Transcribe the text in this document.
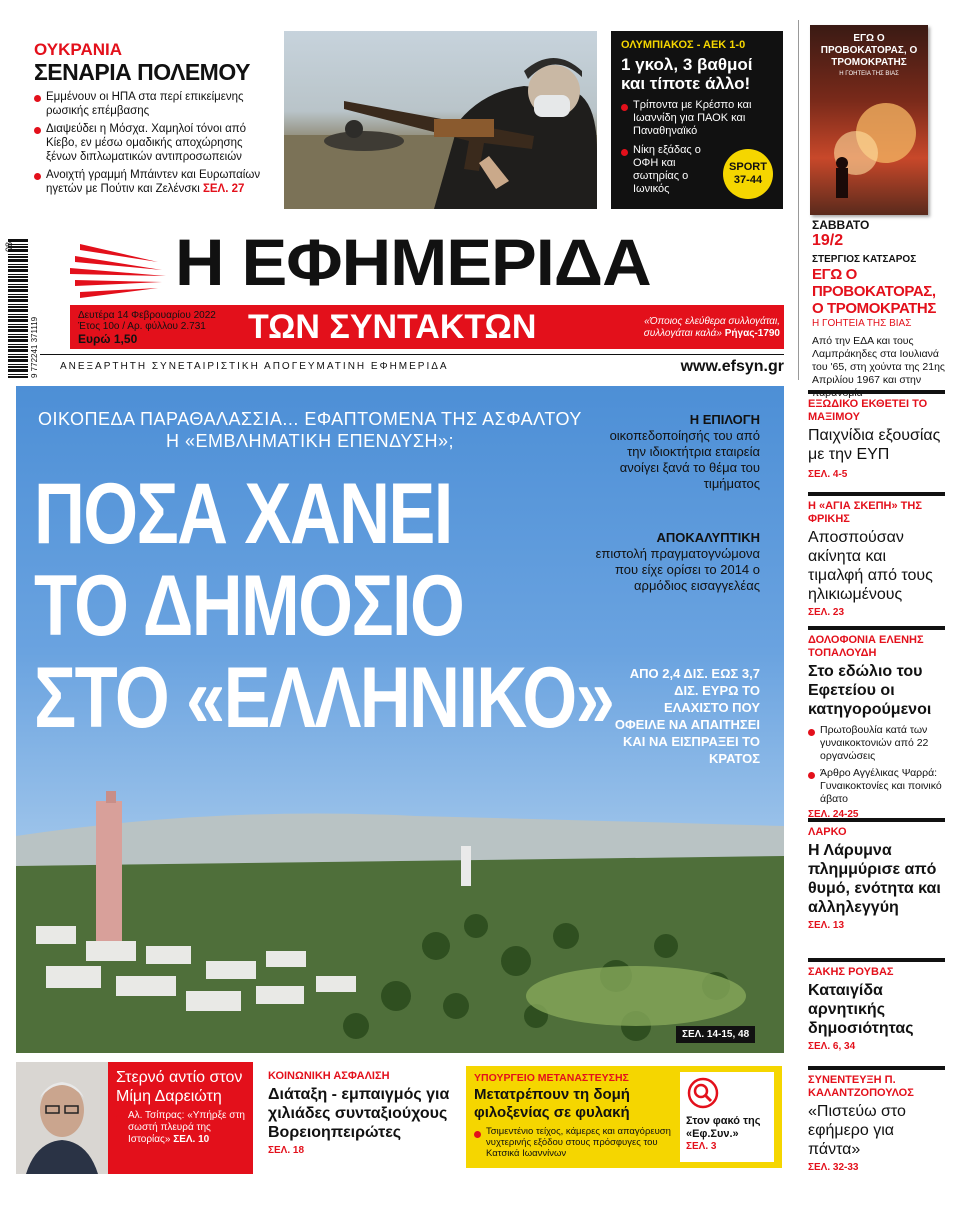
ΟΥΚΡΑΝΙΑ
ΣΕΝΑΡΙΑ ΠΟΛΕΜΟΥ
Εμμένουν οι ΗΠΑ στα περί επικείμενης ρωσικής επέμβασης
Διαψεύδει η Μόσχα. Χαμηλοί τόνοι από Κίεβο, εν μέσω ομαδικής αποχώρησης ξένων διπλωματικών αντιπροσωπειών
Ανοιχτή γραμμή Μπάιντεν και Ευρωπαίων ηγετών με Πούτιν και Ζελένσκι ΣΕΛ. 27
ΟΛΥΜΠΙΑΚΟΣ - ΑΕΚ 1-0
1 γκολ, 3 βαθμοί και τίποτε άλλο!
Τρίποντα με Κρέσπο και Ιωαννίδη για ΠΑΟΚ και Παναθηναϊκό
Νίκη εξάδας ο ΟΦΗ και σωτηρίας ο Ιωνικός
SPORT
37-44
ΕΓΩ Ο ΠΡΟΒΟΚΑΤΟΡΑΣ, Ο ΤΡΟΜΟΚΡΑΤΗΣ
Η ΓΟΗΤΕΙΑ ΤΗΣ ΒΙΑΣ
ΣΑΒΒΑΤΟ
19/2
ΣΤΕΡΓΙΟΣ ΚΑΤΣΑΡΟΣ
ΕΓΩ Ο ΠΡΟΒΟΚΑΤΟΡΑΣ, Ο ΤΡΟΜΟΚΡΑΤΗΣ
Η ΓΟΗΤΕΙΑ ΤΗΣ ΒΙΑΣ
Από την ΕΔΑ και τους Λαμπράκηδες στα Ιουλιανά του '65, στη χούντα της 21ης Απριλίου 1967 και στην παρανομία
08
9 772241 371119
Η ΕΦΗΜΕΡΙΔΑ
Δευτέρα 14 Φεβρουαρίου 2022
Έτος 10ο / Αρ. φύλλου 2.731
Ευρώ 1,50	ΤΩΝ ΣΥΝΤΑΚΤΩΝ	«Όποιος ελεύθερα συλλογάται, συλλογάται καλά» Ρήγας-1790
ΑΝΕΞΑΡΤΗΤΗ ΣΥΝΕΤΑΙΡΙΣΤΙΚΗ ΑΠΟΓΕΥΜΑΤΙΝΗ ΕΦΗΜΕΡΙΔΑ	www.efsyn.gr
ΟΙΚΟΠΕΔΑ ΠΑΡΑΘΑΛΑΣΣΙΑ... ΕΦΑΠΤΟΜΕΝΑ ΤΗΣ ΑΣΦΑΛΤΟΥ Η «ΕΜΒΛΗΜΑΤΙΚΗ ΕΠΕΝΔΥΣΗ»;
ΠΟΣΑ ΧΑΝΕΙ
ΤΟ ΔΗΜΟΣΙΟ
ΣΤΟ «ΕΛΛΗΝΙΚΟ»
Η ΕΠΙΛΟΓΗ
οικοπεδοποίησής του από την ιδιοκτήτρια εταιρεία ανοίγει ξανά το θέμα του τιμήματος
ΑΠΟΚΑΛΥΠΤΙΚΗ
επιστολή πραγματογνώμονα που είχε ορίσει το 2014 ο αρμόδιος εισαγγελέας
ΑΠΟ 2,4 ΔΙΣ. ΕΩΣ 3,7 ΔΙΣ. ΕΥΡΩ ΤΟ ΕΛΑΧΙΣΤΟ ΠΟΥ ΟΦΕΙΛΕ ΝΑ ΑΠΑΙΤΗΣΕΙ ΚΑΙ ΝΑ ΕΙΣΠΡΑΞΕΙ ΤΟ ΚΡΑΤΟΣ
ΣΕΛ. 14-15, 48
ΕΞΩΔΙΚΟ ΕΚΘΕΤΕΙ ΤΟ ΜΑΞΙΜΟΥ
Παιχνίδια εξουσίας με την ΕΥΠ
ΣΕΛ. 4-5
Η «ΑΓΙΑ ΣΚΕΠΗ» ΤΗΣ ΦΡΙΚΗΣ
Αποσπούσαν ακίνητα και τιμαλφή από τους ηλικιωμένους
ΣΕΛ. 23
ΔΟΛΟΦΟΝΙΑ ΕΛΕΝΗΣ ΤΟΠΑΛΟΥΔΗ
Στο εδώλιο του Εφετείου οι κατηγορούμενοι
Πρωτοβουλία κατά των γυναικοκτονιών από 22 οργανώσεις
Άρθρο Αγγέλικας Ψαρρά: Γυναικοκτονίες και ποινικό άβατο
ΣΕΛ. 24-25
ΛΑΡΚΟ
Η Λάρυμνα πλημμύρισε από θυμό, ενότητα και αλληλεγγύη
ΣΕΛ. 13
ΣΑΚΗΣ ΡΟΥΒΑΣ
Καταιγίδα αρνητικής δημοσιότητας
ΣΕΛ. 6, 34
ΣΥΝΕΝΤΕΥΞΗ Π. ΚΑΛΑΝΤΖΟΠΟΥΛΟΣ
«Πιστεύω στο εφήμερο για πάντα»
ΣΕΛ. 32-33
Στερνό αντίο στον Μίμη Δαρειώτη
Αλ. Τσίπρας: «Υπήρξε στη σωστή πλευρά της Ιστορίας» ΣΕΛ. 10
ΚΟΙΝΩΝΙΚΗ ΑΣΦΑΛΙΣΗ
Διάταξη - εμπαιγμός για χιλιάδες συνταξιούχους Βορειοηπειρώτες
ΣΕΛ. 18
ΥΠΟΥΡΓΕΙΟ ΜΕΤΑΝΑΣΤΕΥΣΗΣ
Μετατρέπουν τη δομή φιλοξενίας σε φυλακή
Τσιμεντένιο τείχος, κάμερες και απαγόρευση νυχτερινής εξόδου στους πρόσφυγες του Κατσικά Ιωαννίνων
Στον φακό της «Εφ.Συν.»
ΣΕΛ. 3
